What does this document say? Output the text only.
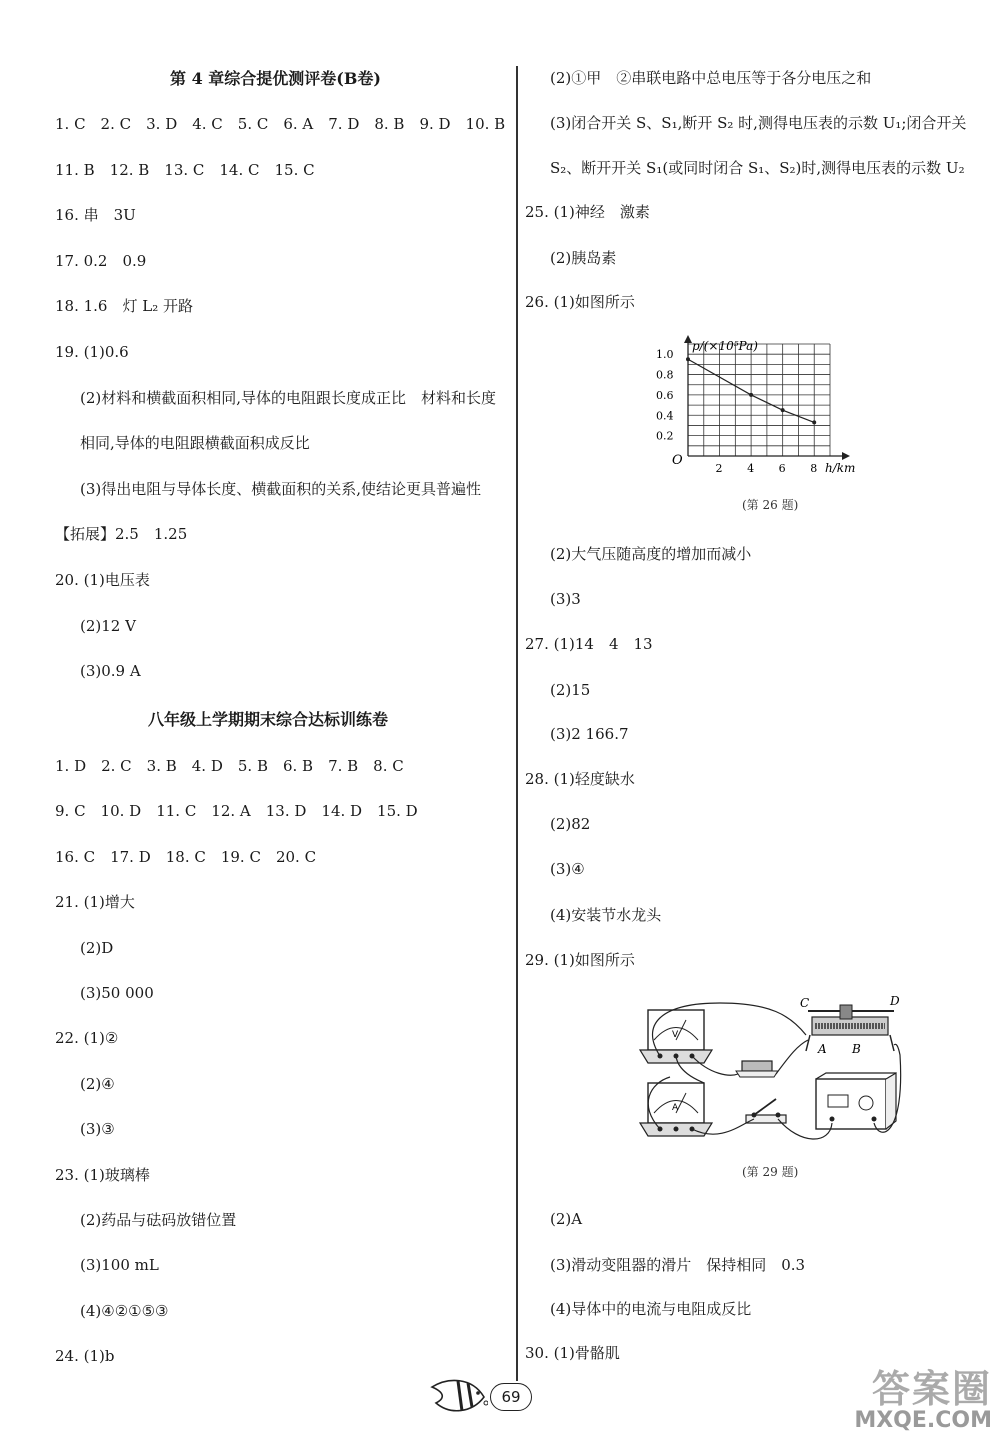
第 4 章综合提优测评卷(B卷)
1. C　2. C　3. D　4. C　5. C　6. A　7. D　8. B　9. D　10. B
11. B　12. B　13. C　14. C　15. C
16. 串　3U
17. 0.2　0.9
18. 1.6　灯 L₂ 开路
19. (1)0.6
(2)材料和横截面积相同,导体的电阻跟长度成正比　材料和长度
相同,导体的电阻跟横截面积成反比
(3)得出电阻与导体长度、横截面积的关系,使结论更具普遍性
【拓展】2.5　1.25
20. (1)电压表
(2)12 V
(3)0.9 A
八年级上学期期末综合达标训练卷
1. D　2. C　3. B　4. D　5. B　6. B　7. B　8. C
9. C　10. D　11. C　12. A　13. D　14. D　15. D
16. C　17. D　18. C　19. C　20. C
21. (1)增大
(2)D
(3)50 000
22. (1)②
(2)④
(3)③
23. (1)玻璃棒
(2)药品与砝码放错位置
(3)100 mL
(4)④②①⑤③
24. (1)b
(2)①甲　②串联电路中总电压等于各分电压之和
(3)闭合开关 S、S₁,断开 S₂ 时,测得电压表的示数 U₁;闭合开关
S₂、断开开关 S₁(或同时闭合 S₁、S₂)时,测得电压表的示数 U₂
25. (1)神经　激素
(2)胰岛素
26. (1)如图所示
p/(×10⁵Pa)
h/km
O
1.0
0.8
0.6
0.4
0.2
2 4 6 8
(第 26 题)
(2)大气压随高度的增加而减小
(3)3
27. (1)14　4　13
(2)15
(3)2 166.7
28. (1)轻度缺水
(2)82
(3)④
(4)安装节水龙头
29. (1)如图所示
V
A
C	D
A B
(第 29 题)
(2)A
(3)滑动变阻器的滑片　保持相同　0.3
(4)导体中的电流与电阻成反比
30. (1)骨骼肌
69	答案圈
MXQE.COM
